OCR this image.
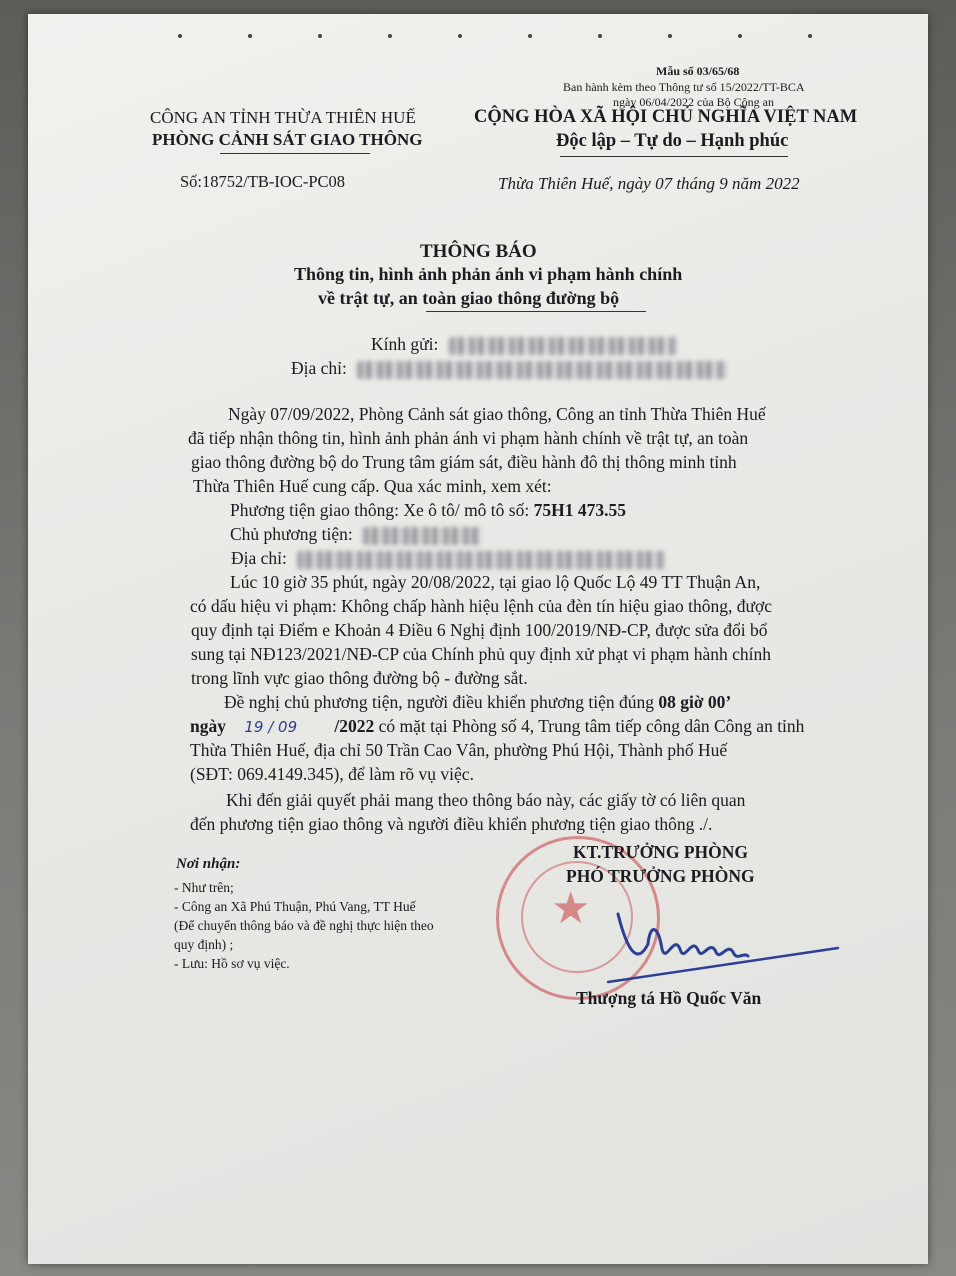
Mẫu số 03/65/68
Ban hành kèm theo Thông tư số 15/2022/TT-BCA
ngày 06/04/2022 của Bộ Công an
CÔNG AN TỈNH THỪA THIÊN HUẾ
PHÒNG CẢNH SÁT GIAO THÔNG
Số:18752/TB-IOC-PC08
CỘNG HÒA XÃ HỘI CHỦ NGHĨA VIỆT NAM
Độc lập – Tự do – Hạnh phúc
Thừa Thiên Huế, ngày 07 tháng 9 năm 2022
THÔNG BÁO
Thông tin, hình ảnh phản ánh vi phạm hành chính
về trật tự, an toàn giao thông đường bộ
Kính gửi:
Địa chỉ:
Ngày 07/09/2022, Phòng Cảnh sát giao thông, Công an tỉnh Thừa Thiên Huế
đã tiếp nhận thông tin, hình ảnh phản ánh vi phạm hành chính về trật tự, an toàn
giao thông đường bộ do Trung tâm giám sát, điều hành đô thị thông minh tỉnh
Thừa Thiên Huế cung cấp. Qua xác minh, xem xét:
Phương tiện giao thông: Xe ô tô/ mô tô số: 75H1 473.55
Chủ phương tiện:
Địa chỉ:
Lúc 10 giờ 35 phút, ngày 20/08/2022, tại giao lộ Quốc Lộ 49 TT Thuận An,
có dấu hiệu vi phạm: Không chấp hành hiệu lệnh của đèn tín hiệu giao thông, được
quy định tại Điểm e Khoản 4 Điều 6 Nghị định 100/2019/NĐ-CP, được sửa đổi bổ
sung tại NĐ123/2021/NĐ-CP của Chính phủ quy định xử phạt vi phạm hành chính
trong lĩnh vực giao thông đường bộ - đường sắt.
Đề nghị chủ phương tiện, người điều khiển phương tiện đúng 08 giờ 00’
ngày 19 / 09 /2022 có mặt tại Phòng số 4, Trung tâm tiếp công dân Công an tỉnh
Thừa Thiên Huế, địa chỉ 50 Trần Cao Vân, phường Phú Hội, Thành phố Huế
(SĐT: 069.4149.345), để làm rõ vụ việc.
Khi đến giải quyết phải mang theo thông báo này, các giấy tờ có liên quan
đến phương tiện giao thông và người điều khiển phương tiện giao thông ./.
Nơi nhận:
- Như trên;
- Công an Xã Phú Thuận, Phú Vang, TT Huế
(Để chuyển thông báo và đề nghị thực hiện theo
quy định) ;
- Lưu: Hồ sơ vụ việc.
★
KT.TRƯỞNG PHÒNG
PHÓ TRƯỞNG PHÒNG
Thượng tá Hồ Quốc Văn
